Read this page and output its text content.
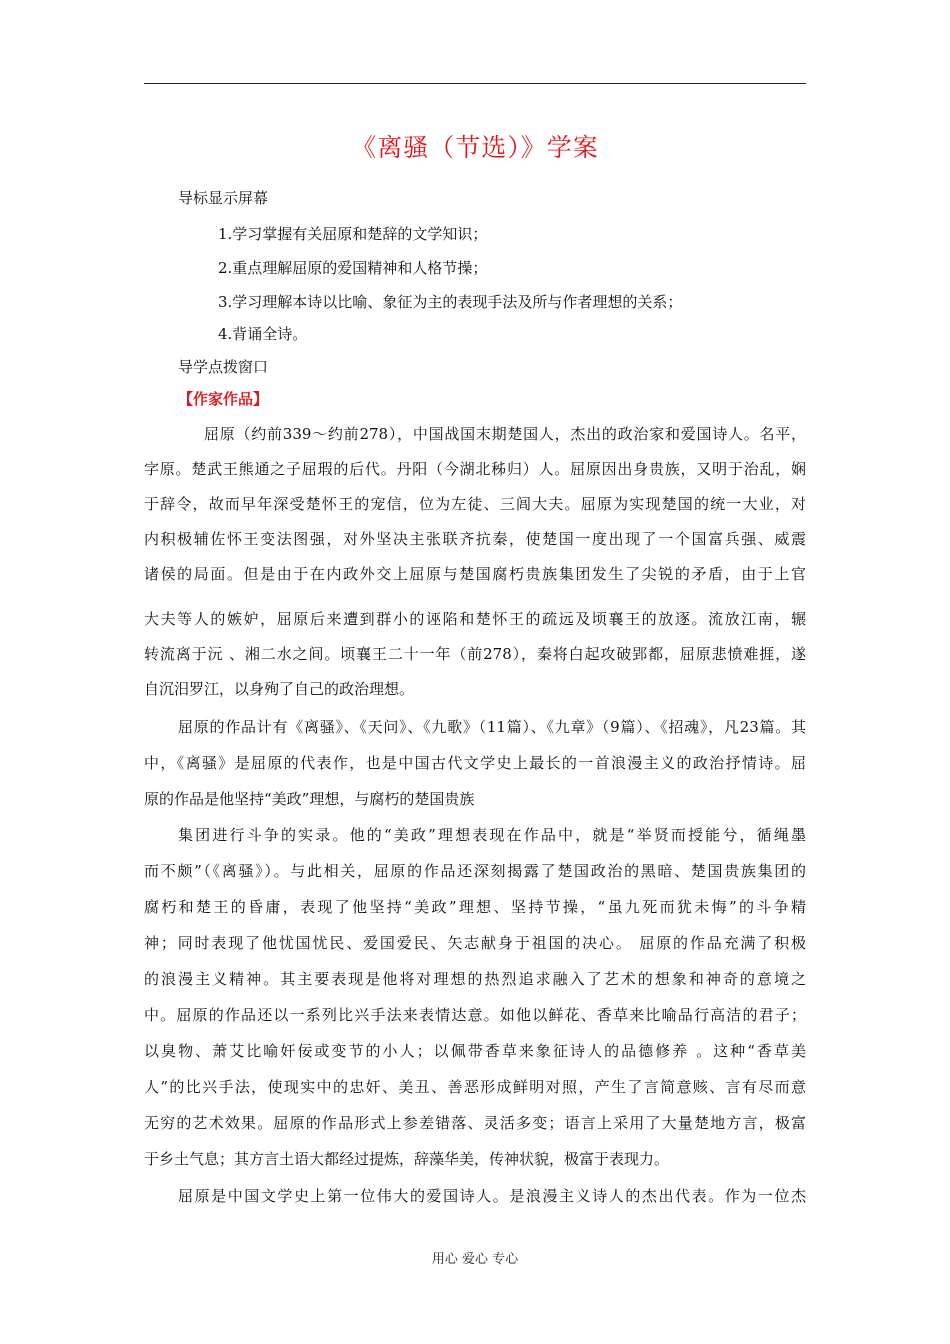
《离骚（节选）》学案
导标显示屏幕
1.学习掌握有关屈原和楚辞的文学知识；
2.重点理解屈原的爱国精神和人格节操；
3.学习理解本诗以比喻、象征为主的表现手法及所与作者理想的关系；
4.背诵全诗。
导学点拨窗口
【作家作品】
屈原（约前339～约前278），中国战国末期楚国人，杰出的政治家和爱国诗人。名平，
字原。楚武王熊通之子屈瑕的后代。丹阳（今湖北秭归）人。屈原因出身贵族，又明于治乱，娴
于辞令，故而早年深受楚怀王的宠信，位为左徒、三闾大夫。屈原为实现楚国的统一大业，对
内积极辅佐怀王变法图强，对外坚决主张联齐抗秦，使楚国一度出现了一个国富兵强、威震
诸侯的局面。但是由于在内政外交上屈原与楚国腐朽贵族集团发生了尖锐的矛盾，由于上官
大夫等人的嫉妒，屈原后来遭到群小的诬陷和楚怀王的疏远及顷襄王的放逐。流放江南，辗
转流离于沅 、湘二水之间。顷襄王二十一年（前278），秦将白起攻破郢都，屈原悲愤难捱，遂
自沉汨罗江，以身殉了自己的政治理想。
屈原的作品计有《离骚》、《天问》、《九歌》（11篇）、《九章》（9篇）、《招魂》，凡23篇。其
中，《离骚》是屈原的代表作，也是中国古代文学史上最长的一首浪漫主义的政治抒情诗。屈
原的作品是他坚持“美政”理想，与腐朽的楚国贵族
集团进行斗争的实录。他的“美政”理想表现在作品中，就是“举贤而授能兮，循绳墨
而不颇”（《离骚》）。与此相关，屈原的作品还深刻揭露了楚国政治的黑暗、楚国贵族集团的
腐朽和楚王的昏庸，表现了他坚持“美政”理想、坚持节操，“虽九死而犹未悔”的斗争精
神；同时表现了他忧国忧民、爱国爱民、矢志献身于祖国的决心。 屈原的作品充满了积极
的浪漫主义精神。其主要表现是他将对理想的热烈追求融入了艺术的想象和神奇的意境之
中。屈原的作品还以一系列比兴手法来表情达意。如他以鲜花、香草来比喻品行高洁的君子；
以臭物、萧艾比喻奸佞或变节的小人；以佩带香草来象征诗人的品德修养 。这种“香草美
人”的比兴手法，使现实中的忠奸、美丑、善恶形成鲜明对照，产生了言简意赅、言有尽而意
无穷的艺术效果。屈原的作品形式上参差错落、灵活多变；语言上采用了大量楚地方言，极富
于乡土气息；其方言土语大都经过提炼，辞藻华美，传神状貌，极富于表现力。
屈原是中国文学史上第一位伟大的爱国诗人。是浪漫主义诗人的杰出代表。作为一位杰
用心 爱心 专心
